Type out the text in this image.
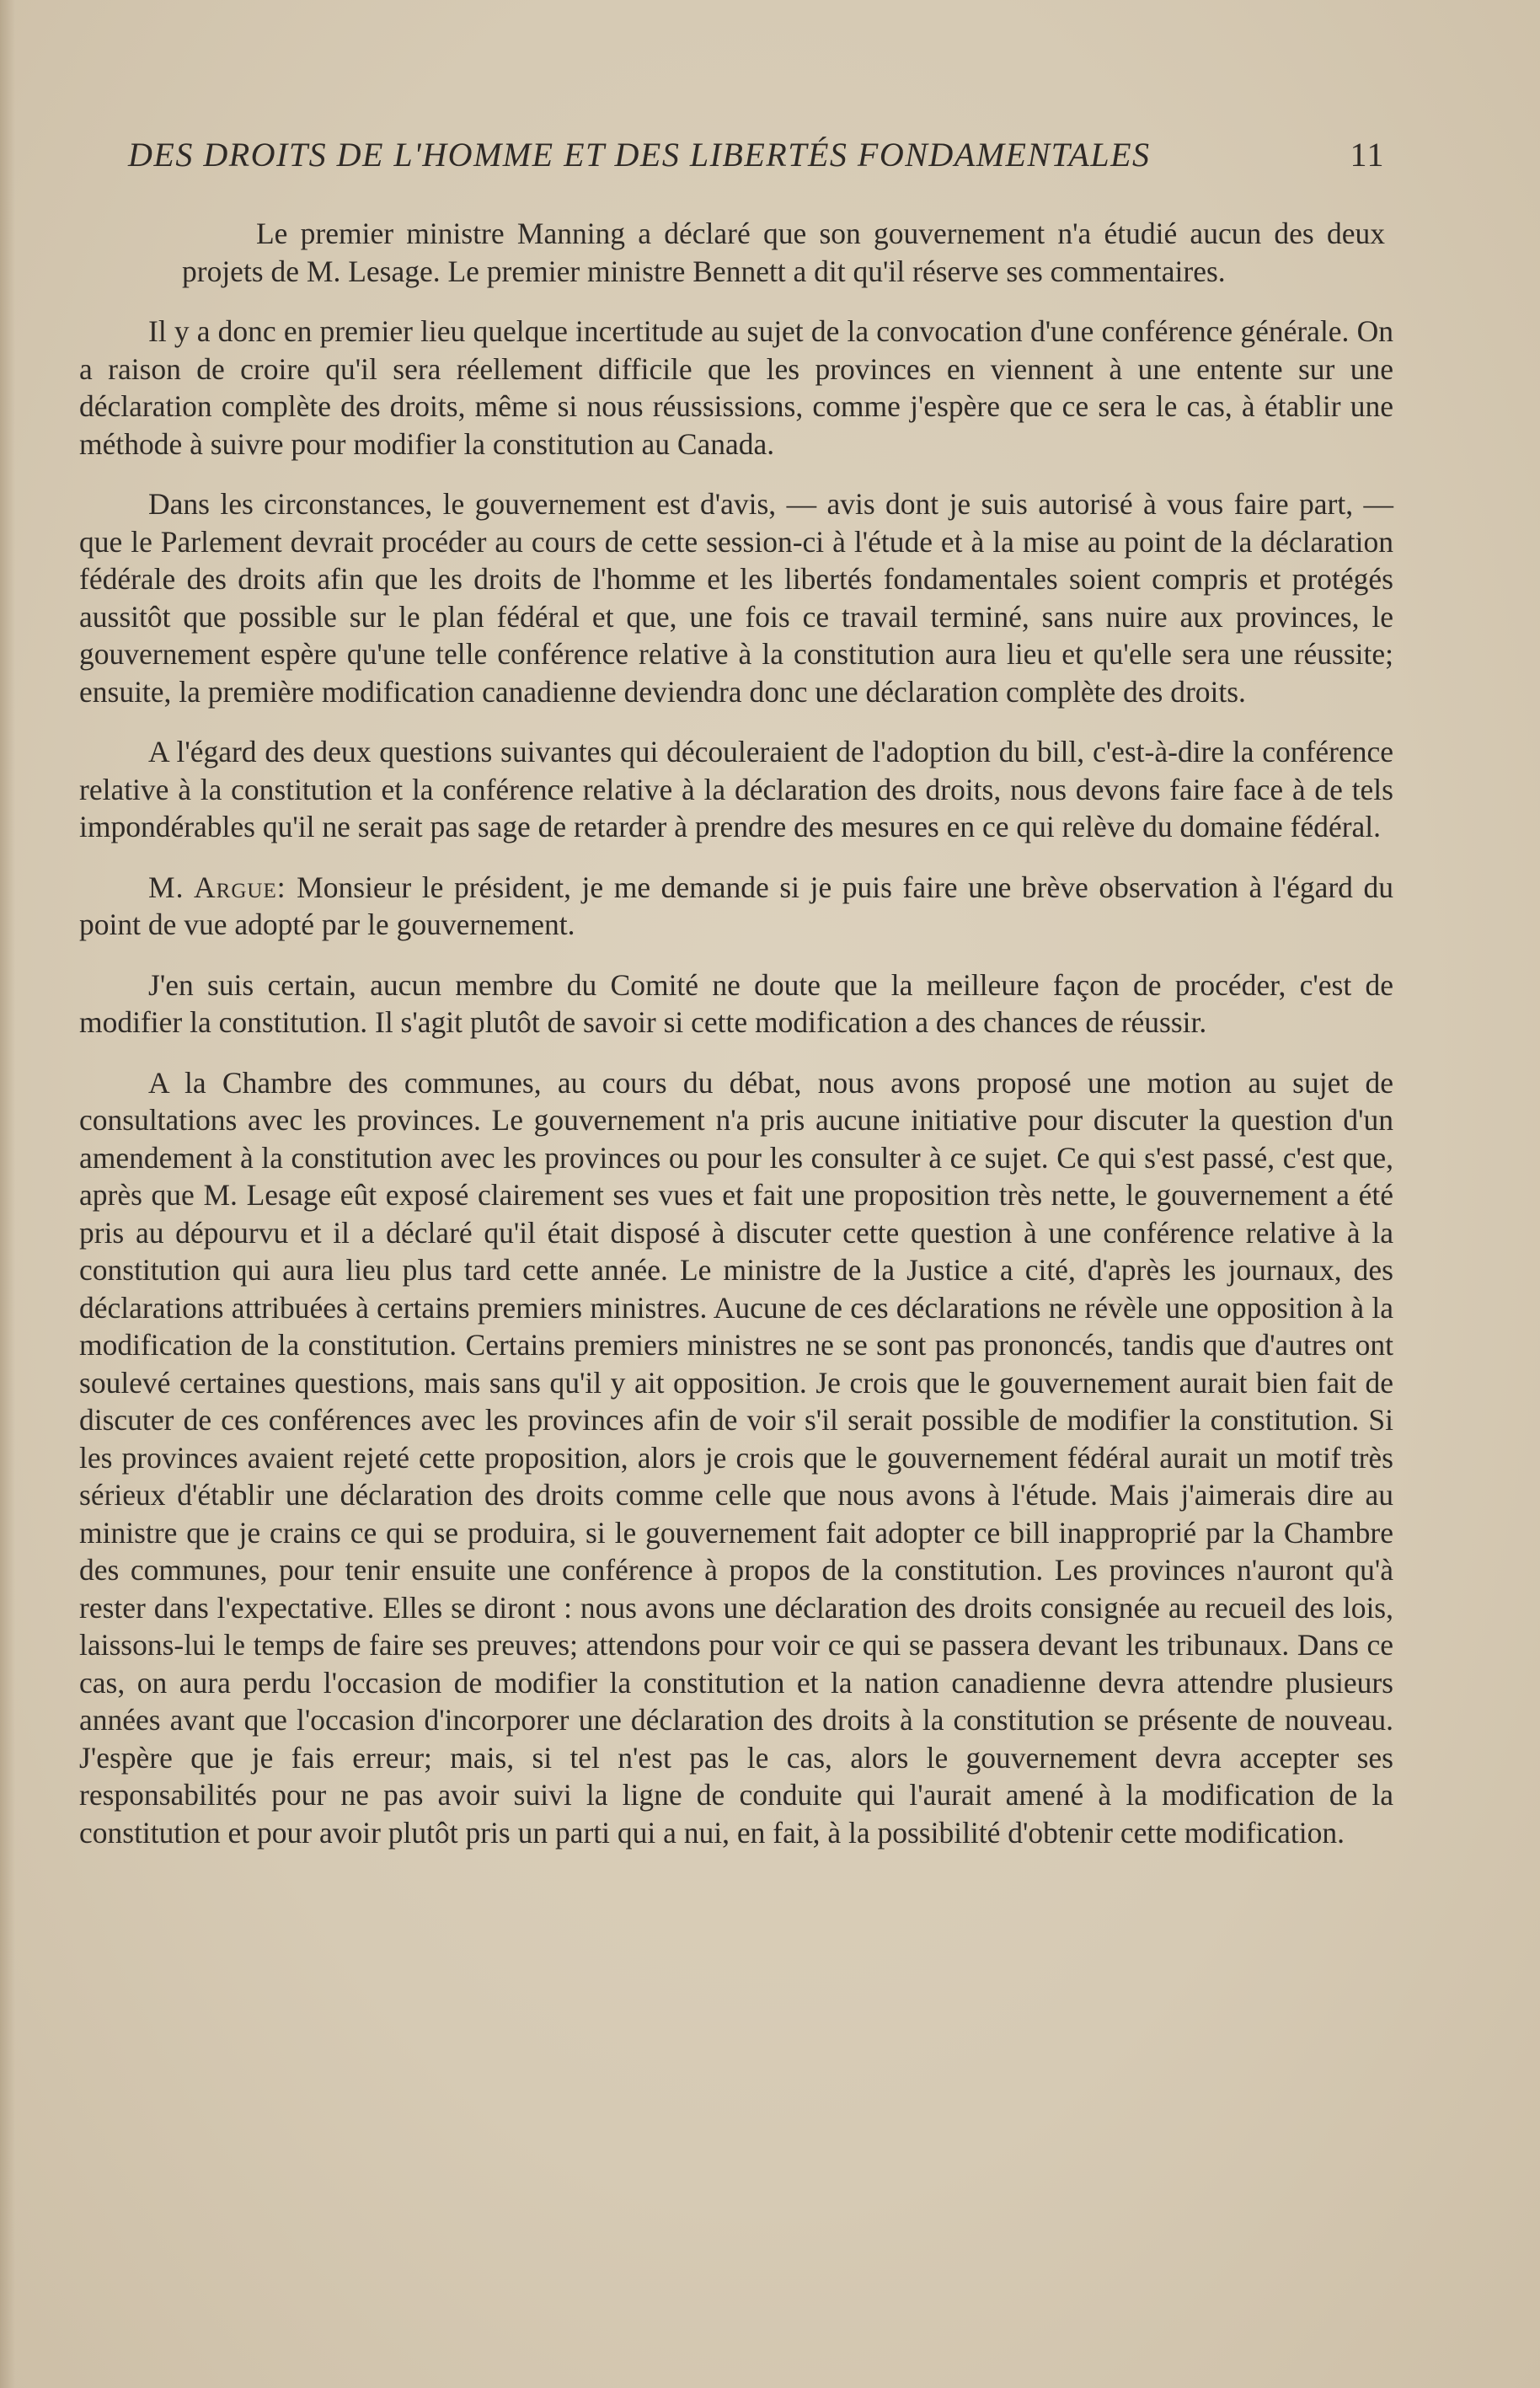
DES DROITS DE L'HOMME ET DES LIBERTÉS FONDAMENTALES	11

Le premier ministre Manning a déclaré que son gouvernement n'a étudié aucun des deux projets de M. Lesage. Le premier ministre Bennett a dit qu'il réserve ses commentaires.

Il y a donc en premier lieu quelque incertitude au sujet de la convocation d'une conférence générale. On a raison de croire qu'il sera réellement difficile que les provinces en viennent à une entente sur une déclaration complète des droits, même si nous réussissions, comme j'espère que ce sera le cas, à établir une méthode à suivre pour modifier la constitution au Canada.

Dans les circonstances, le gouvernement est d'avis, — avis dont je suis autorisé à vous faire part, — que le Parlement devrait procéder au cours de cette session-ci à l'étude et à la mise au point de la déclaration fédérale des droits afin que les droits de l'homme et les libertés fondamentales soient compris et protégés aussitôt que possible sur le plan fédéral et que, une fois ce travail terminé, sans nuire aux provinces, le gouvernement espère qu'une telle conférence relative à la constitution aura lieu et qu'elle sera une réussite; ensuite, la première modification canadienne deviendra donc une déclaration complète des droits.

A l'égard des deux questions suivantes qui découleraient de l'adoption du bill, c'est-à-dire la conférence relative à la constitution et la conférence relative à la déclaration des droits, nous devons faire face à de tels impondérables qu'il ne serait pas sage de retarder à prendre des mesures en ce qui relève du domaine fédéral.

M. Argue: Monsieur le président, je me demande si je puis faire une brève observation à l'égard du point de vue adopté par le gouvernement.

J'en suis certain, aucun membre du Comité ne doute que la meilleure façon de procéder, c'est de modifier la constitution. Il s'agit plutôt de savoir si cette modification a des chances de réussir.

A la Chambre des communes, au cours du débat, nous avons proposé une motion au sujet de consultations avec les provinces. Le gouvernement n'a pris aucune initiative pour discuter la question d'un amendement à la constitution avec les provinces ou pour les consulter à ce sujet. Ce qui s'est passé, c'est que, après que M. Lesage eût exposé clairement ses vues et fait une proposition très nette, le gouvernement a été pris au dépourvu et il a déclaré qu'il était disposé à discuter cette question à une conférence relative à la constitution qui aura lieu plus tard cette année. Le ministre de la Justice a cité, d'après les journaux, des déclarations attribuées à certains premiers ministres. Aucune de ces déclarations ne révèle une opposition à la modification de la constitution. Certains premiers ministres ne se sont pas prononcés, tandis que d'autres ont soulevé certaines questions, mais sans qu'il y ait opposition. Je crois que le gouvernement aurait bien fait de discuter de ces conférences avec les provinces afin de voir s'il serait possible de modifier la constitution. Si les provinces avaient rejeté cette proposition, alors je crois que le gouvernement fédéral aurait un motif très sérieux d'établir une déclaration des droits comme celle que nous avons à l'étude. Mais j'aimerais dire au ministre que je crains ce qui se produira, si le gouvernement fait adopter ce bill inapproprié par la Chambre des communes, pour tenir ensuite une conférence à propos de la constitution. Les provinces n'auront qu'à rester dans l'expectative. Elles se diront : nous avons une déclaration des droits consignée au recueil des lois, laissons-lui le temps de faire ses preuves; attendons pour voir ce qui se passera devant les tribunaux. Dans ce cas, on aura perdu l'occasion de modifier la constitution et la nation canadienne devra attendre plusieurs années avant que l'occasion d'incorporer une déclaration des droits à la constitution se présente de nouveau. J'espère que je fais erreur; mais, si tel n'est pas le cas, alors le gouvernement devra accepter ses responsabilités pour ne pas avoir suivi la ligne de conduite qui l'aurait amené à la modification de la constitution et pour avoir plutôt pris un parti qui a nui, en fait, à la possibilité d'obtenir cette modification.
